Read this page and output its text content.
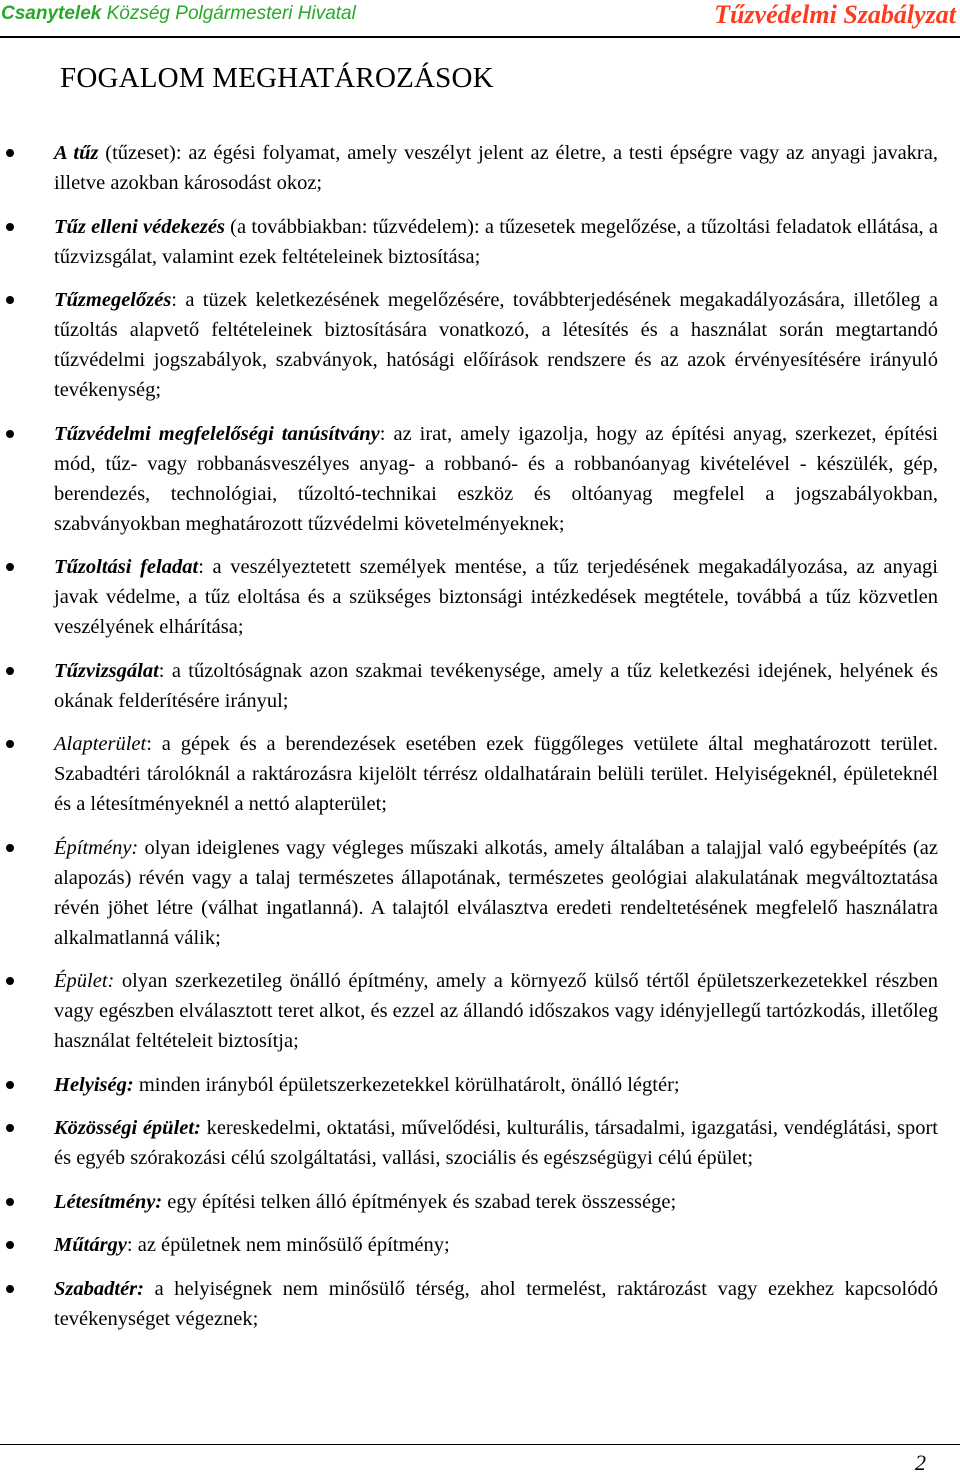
Csanytelek Község Polgármesteri Hivatal	Tűzvédelmi Szabályzat
FOGALOM MEGHATÁROZÁSOK
A tűz (tűzeset): az égési folyamat, amely veszélyt jelent az életre, a testi épségre vagy az anyagi javakra, illetve azokban károsodást okoz;
Tűz elleni védekezés (a továbbiakban: tűzvédelem): a tűzesetek megelőzése, a tűzoltási feladatok ellátása, a tűzvizsgálat, valamint ezek feltételeinek biztosítása;
Tűzmegelőzés: a tüzek keletkezésének megelőzésére, továbbterjedésének megakadályozására, illetőleg a tűzoltás alapvető feltételeinek biztosítására vonatkozó, a létesítés és a használat során megtartandó tűzvédelmi jogszabályok, szabványok, hatósági előírások rendszere és az azok érvényesítésére irányuló tevékenység;
Tűzvédelmi megfelelőségi tanúsítvány: az irat, amely igazolja, hogy az építési anyag, szerkezet, építési mód, tűz- vagy robbanásveszélyes anyag- a robbanó- és a robbanóanyag kivételével - készülék, gép, berendezés, technológiai, tűzoltó-technikai eszköz és oltóanyag megfelel a jogszabályokban, szabványokban meghatározott tűzvédelmi követelményeknek;
Tűzoltási feladat: a veszélyeztetett személyek mentése, a tűz terjedésének megakadályozása, az anyagi javak védelme, a tűz eloltása és a szükséges biztonsági intézkedések megtétele, továbbá a tűz közvetlen veszélyének elhárítása;
Tűzvizsgálat: a tűzoltóságnak azon szakmai tevékenysége, amely a tűz keletkezési idejének, helyének és okának felderítésére irányul;
Alapterület: a gépek és a berendezések esetében ezek függőleges vetülete által meghatározott terület. Szabadtéri tárolóknál a raktározásra kijelölt térrész oldalhatárain belüli terület. Helyiségeknél, épületeknél és a létesítményeknél a nettó alapterület;
Építmény: olyan ideiglenes vagy végleges műszaki alkotás, amely általában a talajjal való egybeépítés (az alapozás) révén vagy a talaj természetes állapotának, természetes geológiai alakulatának megváltoztatása révén jöhet létre (válhat ingatlanná). A talajtól elválasztva eredeti rendeltetésének megfelelő használatra alkalmatlanná válik;
Épület: olyan szerkezetileg önálló építmény, amely a környező külső tértől épületszerkezetekkel részben vagy egészben elválasztott teret alkot, és ezzel az állandó időszakos vagy idényjellegű tartózkodás, illetőleg használat feltételeit biztosítja;
Helyiség: minden irányból épületszerkezetekkel körülhatárolt, önálló légtér;
Közösségi épület: kereskedelmi, oktatási, művelődési, kulturális, társadalmi, igazgatási, vendéglátási, sport és egyéb szórakozási célú szolgáltatási, vallási, szociális és egészségügyi célú épület;
Létesítmény: egy építési telken álló építmények és szabad terek összessége;
Műtárgy: az épületnek nem minősülő építmény;
Szabadtér: a helyiségnek nem minősülő térség, ahol termelést, raktározást vagy ezekhez kapcsolódó tevékenységet végeznek;
2
